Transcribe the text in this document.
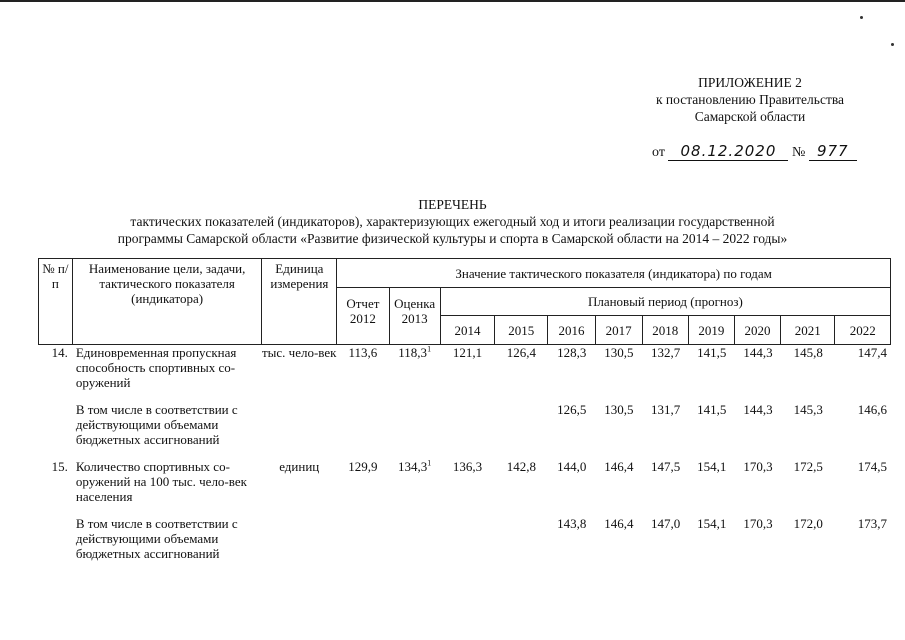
ПРИЛОЖЕНИЕ 2
к постановлению Правительства
Самарской области
от 08.12.2020 № 977
ПЕРЕЧЕНЬ
тактических показателей (индикаторов), характеризующих ежегодный ход и итоги реализации государственной
программы Самарской области «Развитие физической культуры и спорта в Самарской области на 2014 – 2022 годы»
№ п/п	Наименование цели, задачи, тактического показателя (индикатора)	Единица измерения	Значение тактического показателя (индикатора) по годам										
			Отчет 2012	Оценка 2013	Плановый период (прогноз)								
					2014	2015	2016	2017	2018	2019	2020	2021	2022
14.	Единовременная пропускная способность спортивных со-оружений	тыс. чело-век	113,6	118,3$^1$	121,1	126,4	128,3	130,5	132,7	141,5	144,3	145,8	147,4

	В том числе в соответствии с действующими объемами бюджетных ассигнований						126,5	130,5	131,7	141,5	144,3	145,3	146,6

15.	Количество спортивных со-оружений на 100 тыс. чело-век населения	единиц	129,9	134,3$^1$	136,3	142,8	144,0	146,4	147,5	154,1	170,3	172,5	174,5

	В том числе в соответствии с действующими объемами бюджетных ассигнований						143,8	146,4	147,0	154,1	170,3	172,0	173,7
